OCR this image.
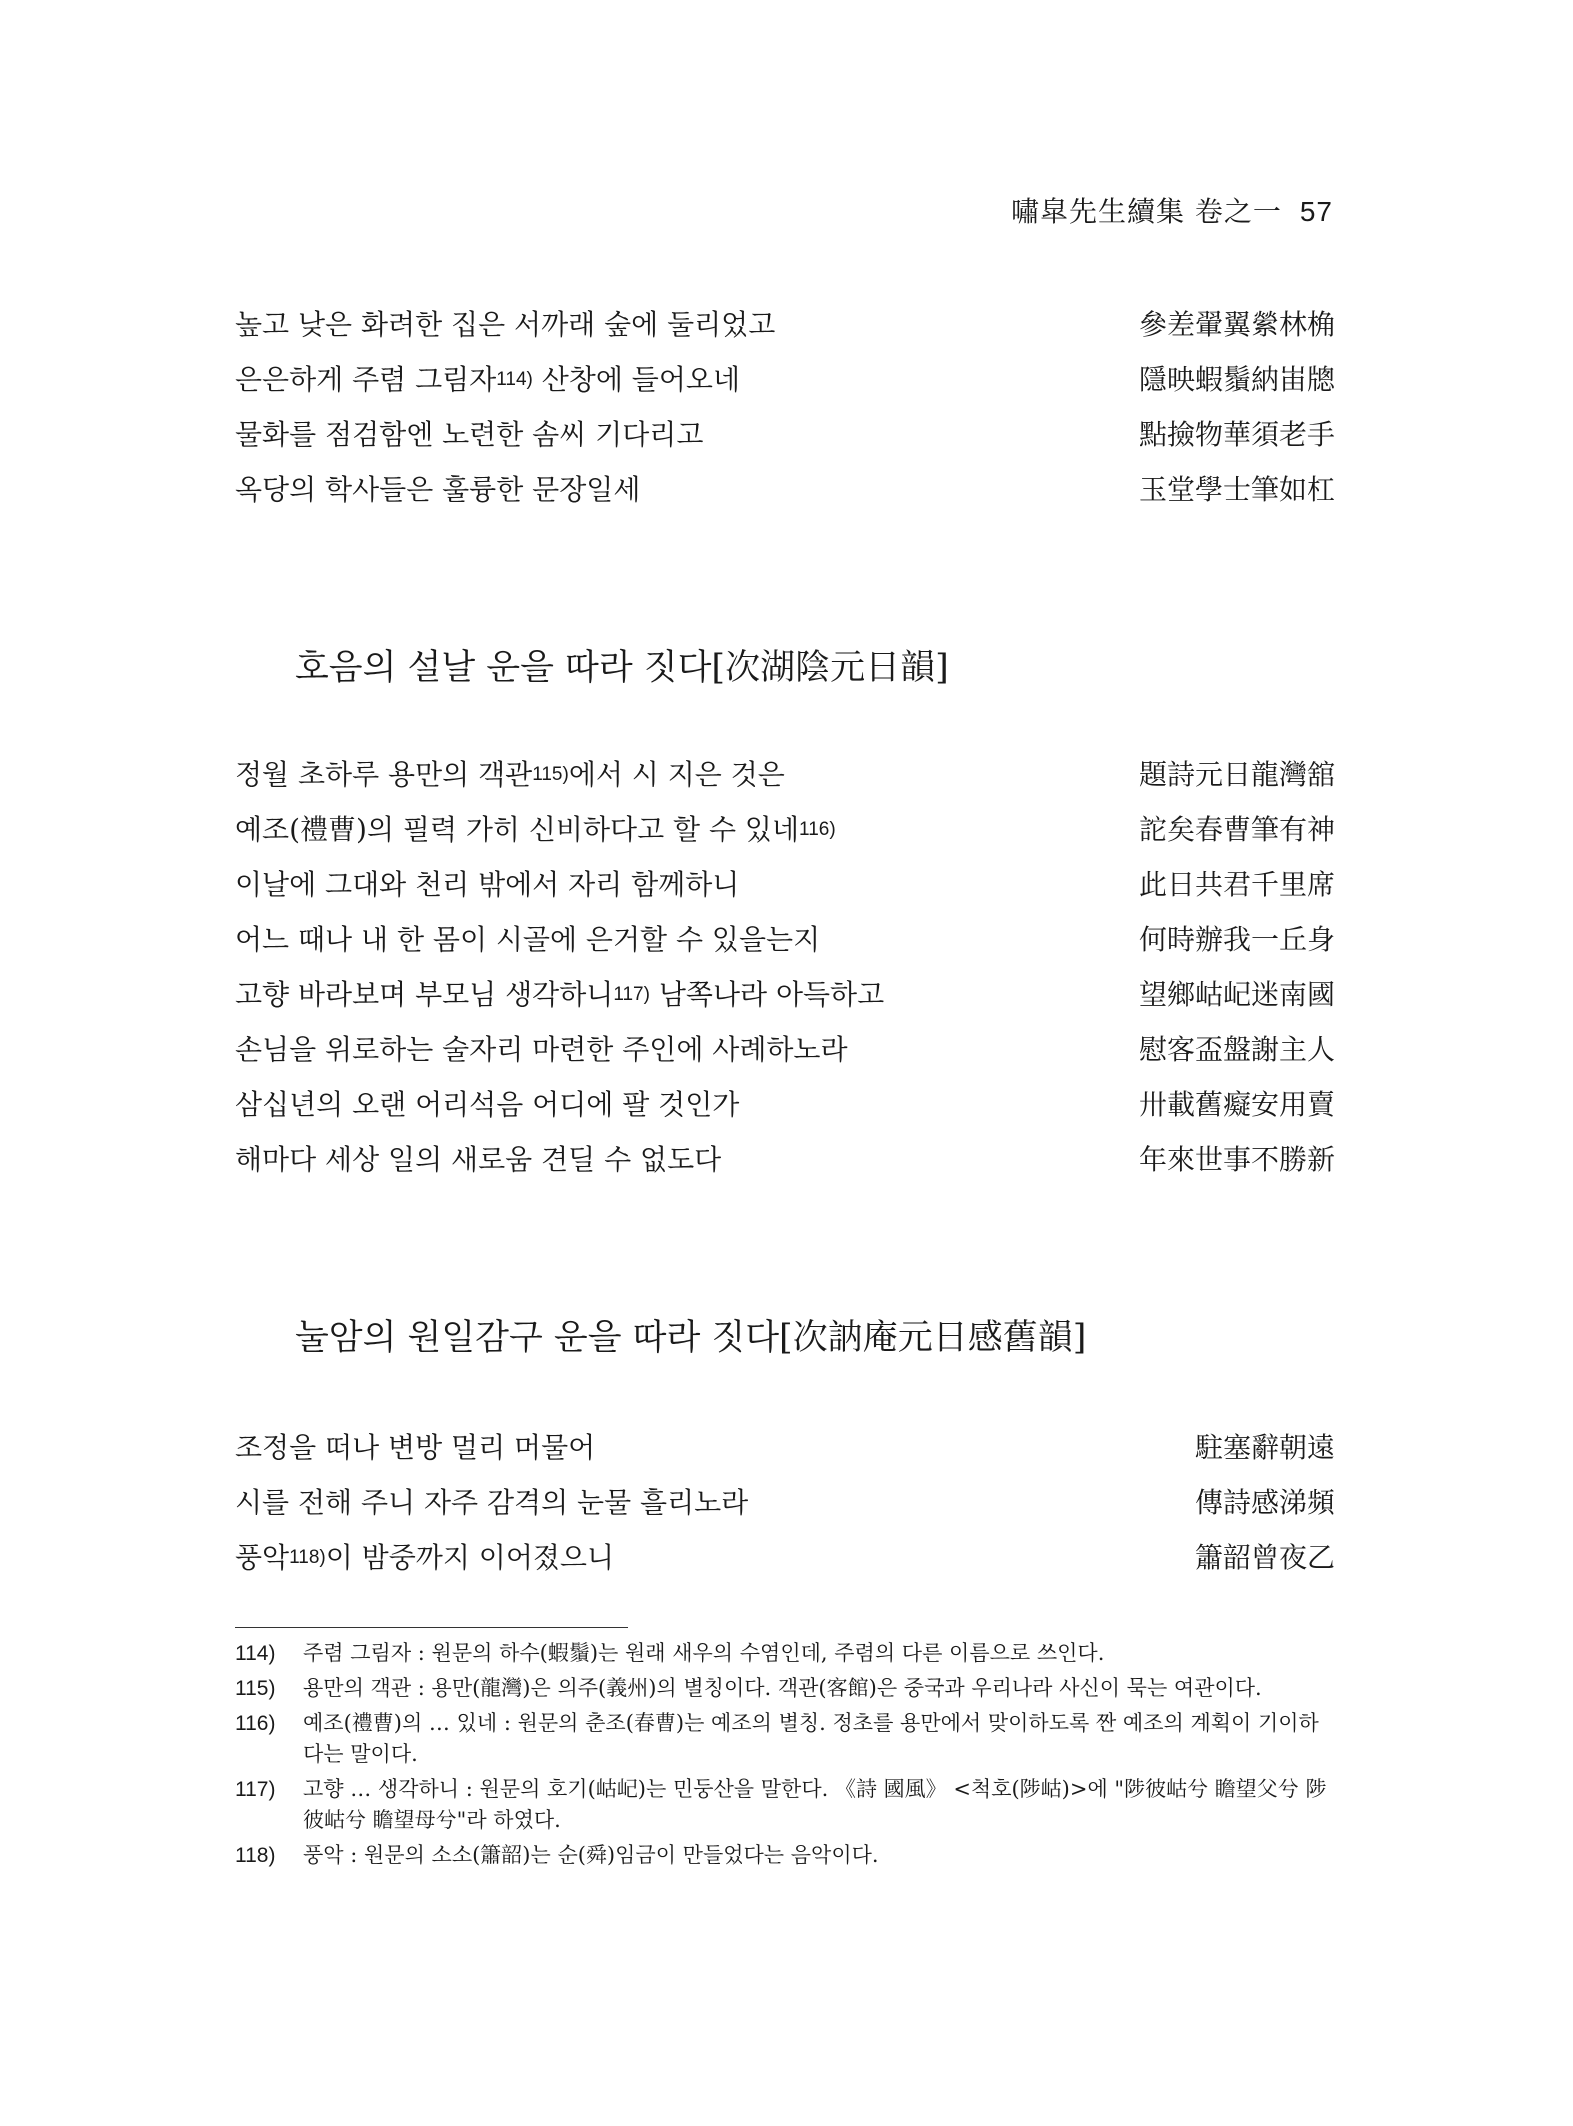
嘯皐先生續集 卷之一 57
높고 낮은 화려한 집은 서까래 숲에 둘리었고	參差翬翼縈林桷
은은하게 주렴 그림자$^{114)}$ 산창에 들어오네	隱映蝦鬚納峀牕
물화를 점검함엔 노련한 솜씨 기다리고	點撿物華須老手
옥당의 학사들은 훌륭한 문장일세	玉堂學士筆如杠
호음의 설날 운을 따라 짓다[次湖陰元日韻]
정월 초하루 용만의 객관$^{115)}$에서 시 지은 것은	題詩元日龍灣舘
예조(禮曹)의 필력 가히 신비하다고 할 수 있네$^{116)}$	詑矣春曹筆有神
이날에 그대와 천리 밖에서 자리 함께하니	此日共君千里席
어느 때나 내 한 몸이 시골에 은거할 수 있을는지	何時辦我一丘身
고향 바라보며 부모님 생각하니$^{117)}$ 남쪽나라 아득하고	望鄉岵屺迷南國
손님을 위로하는 술자리 마련한 주인에 사례하노라	慰客盃盤謝主人
삼십년의 오랜 어리석음 어디에 팔 것인가	卅載舊癡安用賣
해마다 세상 일의 새로움 견딜 수 없도다	年來世事不勝新
눌암의 원일감구 운을 따라 짓다[次訥庵元日感舊韻]
조정을 떠나 변방 멀리 머물어	駐塞辭朝遠
시를 전해 주니 자주 감격의 눈물 흘리노라	傳詩感涕頻
풍악$^{118)}$이 밤중까지 이어졌으니	簫韶曾夜乙
114) 주렴 그림자 : 원문의 하수(蝦鬚)는 원래 새우의 수염인데, 주렴의 다른 이름으로 쓰인다.
115) 용만의 객관 : 용만(龍灣)은 의주(義州)의 별칭이다. 객관(客館)은 중국과 우리나라 사신이 묵는 여관이다.
116) 예조(禮曹)의 … 있네 : 원문의 춘조(春曹)는 예조의 별칭. 정초를 용만에서 맞이하도록 짠 예조의 계획이 기이하다는 말이다.
117) 고향 … 생각하니 : 원문의 호기(岵屺)는 민둥산을 말한다. 《詩 國風》 <척호(陟岵)>에 "陟彼岵兮 瞻望父兮 陟彼岵兮 瞻望母兮"라 하였다.
118) 풍악 : 원문의 소소(簫韶)는 순(舜)임금이 만들었다는 음악이다.
